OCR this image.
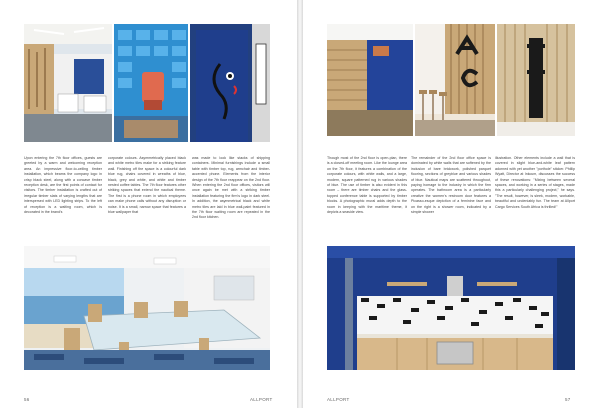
Upon entering the 7th floor offices, guests are greeted by a warm and welcoming reception area. An impressive floor-to-ceiling timber installation, which beams the company logo in crisp black steel, along with a concave timber reception desk, are the first points of contact for visitors. The timber installation is crafted out of irregular timber slats of varying lengths that are interspersed with LED lighting strips. To the left of reception is a waiting room, which is decorated in the brand's

corporate colours. Asymmetrically placed black and white metro tiles make for a striking feature wall. Finishing off the space is a colourful dark blue rug, chairs covered in wreaths of blue, black, grey and white, and white and timber nested coffee tables. The 7th floor features other striking spaces that extend the nautical theme. The first is a phone room in which employees can make phone calls without any disruption or noise. It is a small, narrow space that features a blue wallpaper that

was made to look like stacks of shipping containers. Minimal furnishings include a small table with timber top, rug, armchair and timber-accented phone. Elements from the interior design of the 7th floor reappear on the 2nd floor. When entering the 2nd floor offices, visitors will once again be met with a striking timber installation featuring the firm's logo in dark steel. In addition, the asymmetrical black and white metro tiles are laid in blue wall-paint featured in the 7th floor waiting room are repeated in the 2nd floor kitchen.

56	ALLPORT

Though most of the 2nd floor is open-plan, there is a closed-off meeting room. Like the lounge area on the 7th floor, it features a combination of the corporate colours, with white walls, and a large, modern, square patterned rug in various shades of blue. The use of timber is also evident in this room – there are timber chairs and the glass-topped conference table is supported by timber blocks. A photographic mural adds depth to the room in keeping with the maritime theme, it depicts a seaside view.

The remainder of the 2nd floor office space is dominated by white walls that are softened by the inclusion of bare brickwork, polished parquet flooring, sections of greyblue and various shades of blue. Nautical maps are scattered throughout, paying homage to the industry in which the firm operates. The bathroom area is a particularly creative the women's restroom door features a Picasso-esque depiction of a feminine face and on the right is a shower room, indicated by a simple shower

illustration. Other elements include a wall that is covered in slight blue-and-white leaf pattern adorned with yet another "porthole" sticker. Phillip Wyatt, Director at Inkcum, discusses the success of these renovations: "Mixing between several spaces, and working in a series of stages, made this a particularly challenging project," he says. "The result, however, is sleek, modern, workable, beautiful and undeniably fun. The team at Allport Cargo Services South Africa is thrilled!"

ALLPORT	57
